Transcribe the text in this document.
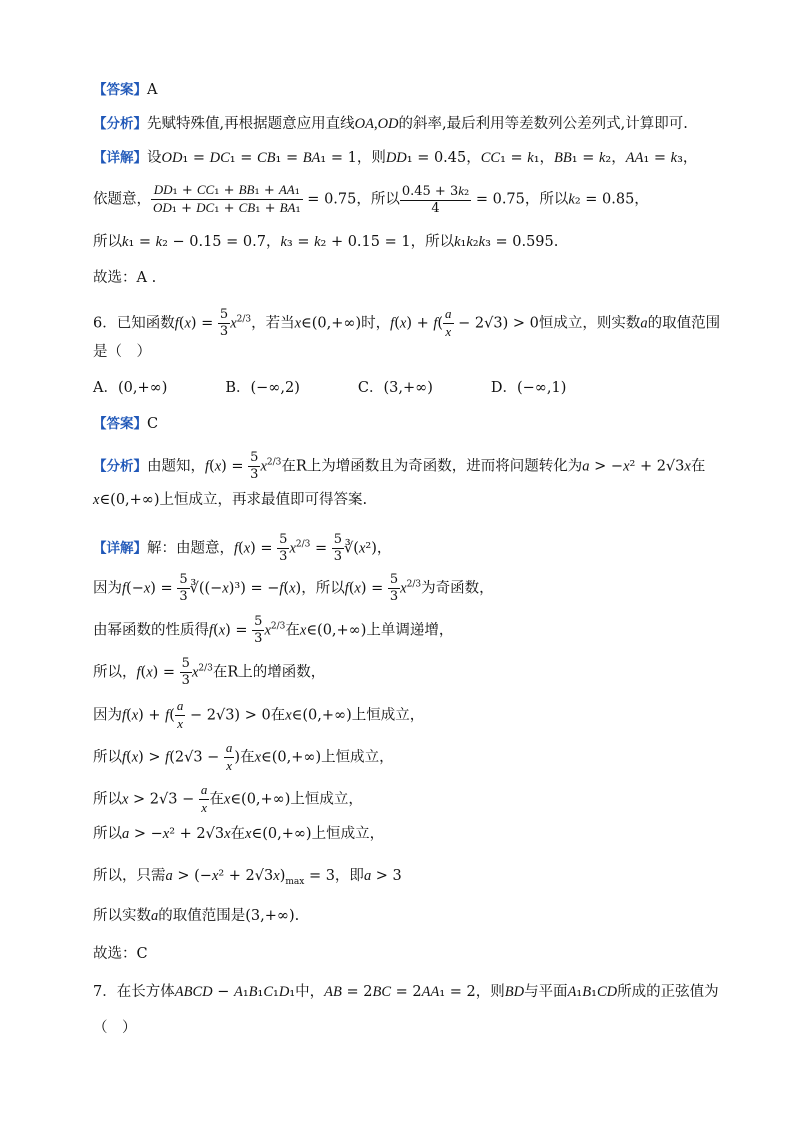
【答案】A
【分析】先赋特殊值,再根据题意应用直线OA,OD的斜率,最后利用等差数列公差列式,计算即可.
【详解】设OD₁ = DC₁ = CB₁ = BA₁ = 1，则DD₁ = 0.45，CC₁ = k₁，BB₁ = k₂，AA₁ = k₃，
依题意， $\frac{\text{DD₁ + CC₁ + BB₁ + AA₁}}{\text{OD₁ + DC₁ + CB₁ + BA₁}} = 0.75$，所以 $\frac{\text{0.45 + 3k₂}}{4} = 0.75$，所以k₂ = 0.85，
所以k₁ = k₂ − 0.15 = 0.7，k₃ = k₂ + 0.15 = 1，所以k₁k₂k₃ = 0.595.
故选：A .
6．已知函数$f(x) = \frac{5}{3} x^{2/3}$，若当x∈(0,+∞)时，$f(x) + f( \frac{a}{x} - 2√3) > 0$恒成立，则实数a的取值范围
是（　）
A．(0,+∞)　　　　B．(−∞,2)　　　　C．(3,+∞)　　　　D．(−∞,1)
【答案】C
【分析】由题知，$f(x) = \frac{5}{3} x^{2/3}$在R上为增函数且为奇函数，进而将问题转化为a > −x² + 2√3x在
x∈(0,+∞)上恒成立，再求最值即可得答案.
【详解】解：由题意，$f(x) = \frac{5}{3} x^{2/3} = \frac{5}{3}$ ∛(x²)，
因为$f(-x) = \frac{5}{3}$ ∛((−x)³) = −f(x)，所以$f(x) = \frac{5}{3} x^{2/3}$为奇函数，
由幂函数的性质得$f(x) = \frac{5}{3} x^{2/3}$在x∈(0,+∞)上单调递增，
所以，$f(x) = \frac{5}{3} x^{2/3}$在R上的增函数，
因为$f(x) + f( \frac{a}{x} - 2√3) > 0$在x∈(0,+∞)上恒成立，
所以$f(x) > f(2√3 - \frac{a}{x}$ )在x∈(0,+∞)上恒成立，
所以$x > 2√3 - \frac{a}{x}$ 在x∈(0,+∞)上恒成立，
所以a > −x² + 2√3x在x∈(0,+∞)上恒成立，
所以，只需$a > (-x^2 + 2√3x)_{max} = 3$，即a > 3
所以实数a的取值范围是(3,+∞).
故选：C
7．在长方体ABCD − A₁B₁C₁D₁中，AB = 2BC = 2AA₁ = 2，则BD与平面A₁B₁CD所成的正弦值为
（　）
